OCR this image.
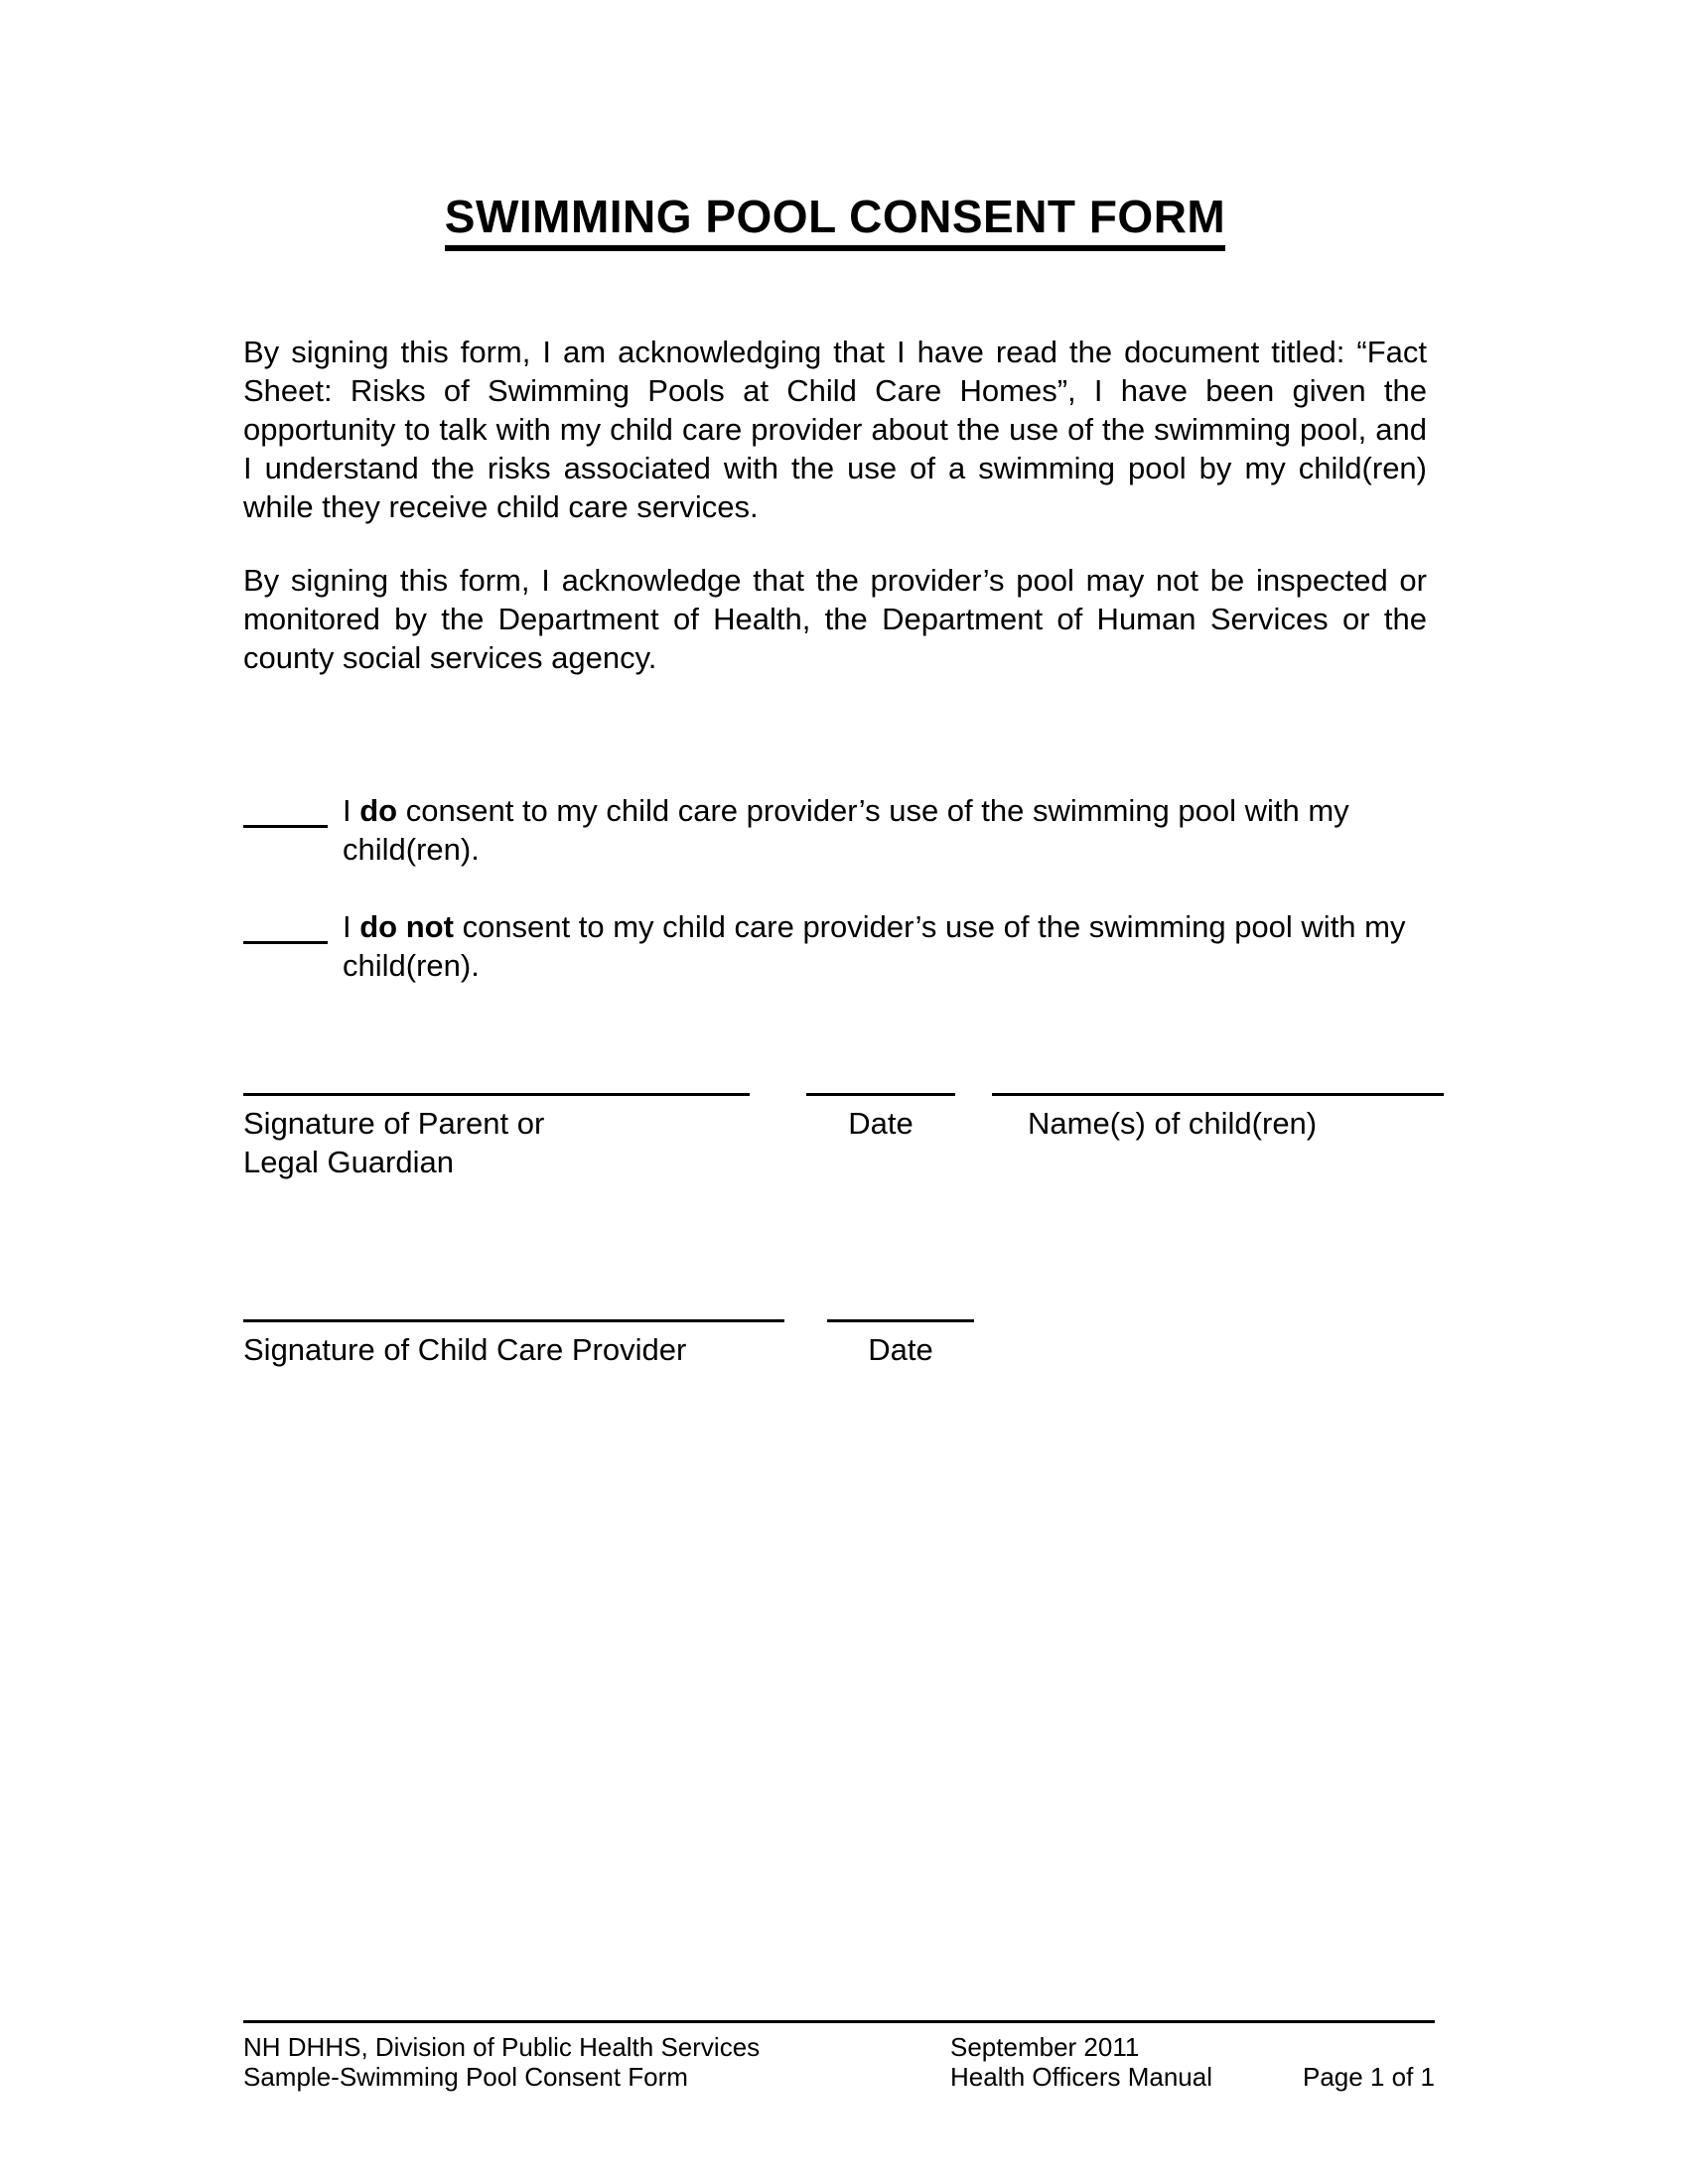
SWIMMING POOL CONSENT FORM

By signing this form, I am acknowledging that I have read the document titled: “Fact Sheet: Risks of Swimming Pools at Child Care Homes”, I have been given the opportunity to talk with my child care provider about the use of the swimming pool, and I understand the risks associated with the use of a swimming pool by my child(ren) while they receive child care services.

By signing this form, I acknowledge that the provider’s pool may not be inspected or monitored by the Department of Health, the Department of Human Services or the county social services agency.

I do consent to my child care provider’s use of the swimming pool with my child(ren).

I do not consent to my child care provider’s use of the swimming pool with my child(ren).

Signature of Parent or
Legal Guardian
Date	Name(s) of child(ren)
Signature of Child Care Provider	Date
NH DHHS, Division of Public Health Services	September 2011
Sample-Swimming Pool Consent Form	Health Officers Manual	Page 1 of 1
